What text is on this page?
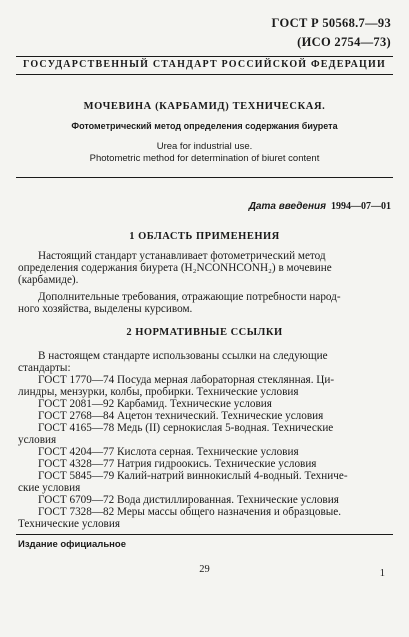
ГОСТ Р 50568.7—93
(ИСО 2754—73)
ГОСУДАРСТВЕННЫЙ СТАНДАРТ РОССИЙСКОЙ ФЕДЕРАЦИИ
МОЧЕВИНА (КАРБАМИД) ТЕХНИЧЕСКАЯ.
Фотометрический метод определения содержания биурета
Urea for industrial use.
Photometric method for determination of biuret content
Дата введения 1994—07—01
1 ОБЛАСТЬ ПРИМЕНЕНИЯ
Настоящий стандарт устанавливает фотометрический метод
определения содержания биурета (H₂NCONHCONH₂) в мочевине
(карбамиде).
Дополнительные требования, отражающие потребности народ-
ного хозяйства, выделены курсивом.
2 НОРМАТИВНЫЕ ССЫЛКИ
В настоящем стандарте использованы ссылки на следующие
стандарты:
ГОСТ 1770—74 Посуда мерная лабораторная стеклянная. Ци-
линдры, мензурки, колбы, пробирки. Технические условия
ГОСТ 2081—92 Карбамид. Технические условия
ГОСТ 2768—84 Ацетон технический. Технические условия
ГОСТ 4165—78 Медь (II) сернокислая 5-водная. Технические
условия
ГОСТ 4204—77 Кислота серная. Технические условия
ГОСТ 4328—77 Натрия гидроокись. Технические условия
ГОСТ 5845—79 Калий-натрий виннокислый 4-водный. Техниче-
ские условия
ГОСТ 6709—72 Вода дистиллированная. Технические условия
ГОСТ 7328—82 Меры массы общего назначения и образцовые.
Технические условия
Издание официальное
29	1
